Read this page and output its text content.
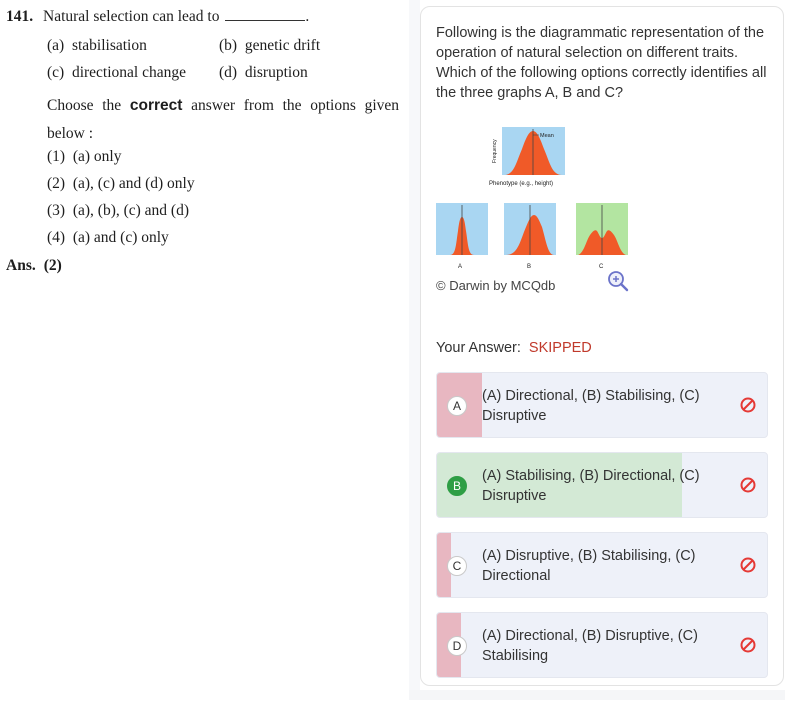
141. Natural selection can lead to	.
(a) stabilisation	(b) genetic drift
(c) directional change (d) disruption
Choose the correct answer from the options given below :
(1) (a) only
(2) (a), (c) and (d) only
(3) (a), (b), (c) and (d)
(4) (a) and (c) only
Ans. (2)
Following is the diagrammatic representation of the operation of natural selection on different traits. Which of the following options correctly identifies all the three graphs A, B and C?
Mean
Frequency
Phenotype (e.g., height)
A	B	C
© Darwin by MCQdb
Your Answer: SKIPPED
A
(A) Directional, (B) Stabilising, (C) Disruptive
B
(A) Stabilising, (B) Directional, (C) Disruptive
C
(A) Disruptive, (B) Stabilising, (C) Directional
D
(A) Directional, (B) Disruptive, (C) Stabilising
